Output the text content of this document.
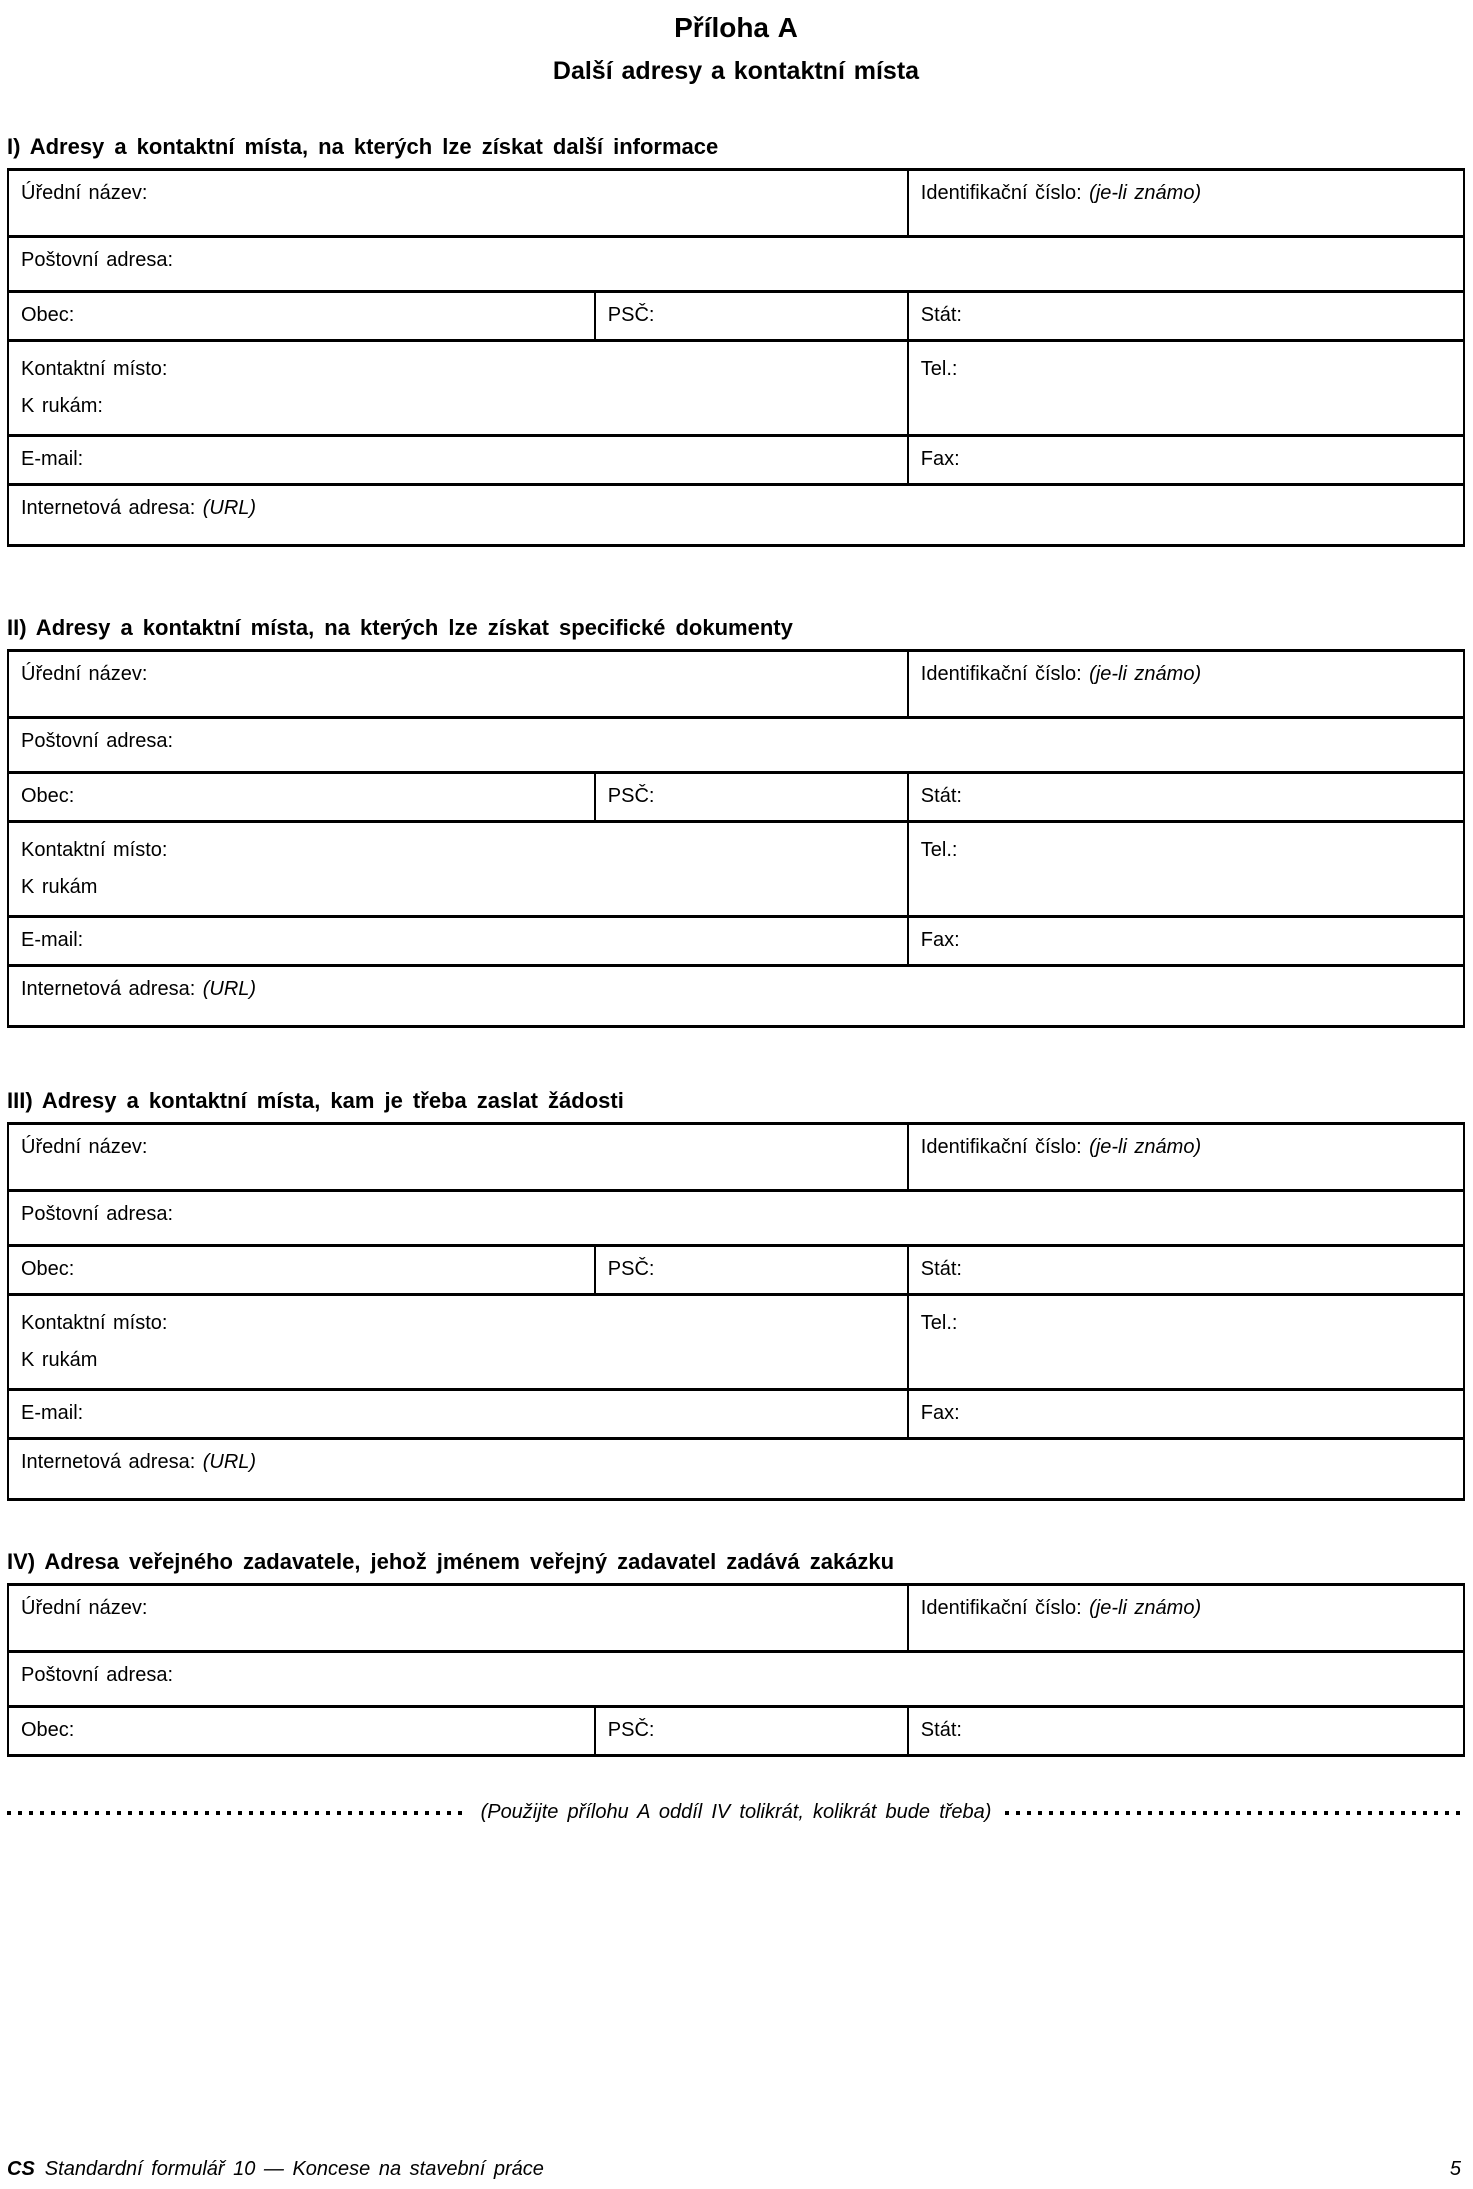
Příloha A
Další adresy a kontaktní místa
I) Adresy a kontaktní místa, na kterých lze získat další informace
Úřední název:		Identifikační číslo: (je-li známo)
Poštovní adresa:		
Obec:	PSČ:	Stát:
Kontaktní místo:
K rukám:		Tel.:
E-mail:		Fax:
Internetová adresa: (URL)		
II) Adresy a kontaktní místa, na kterých lze získat specifické dokumenty
Úřední název:		Identifikační číslo: (je-li známo)
Poštovní adresa:		
Obec:	PSČ:	Stát:
Kontaktní místo:
K rukám		Tel.:
E-mail:		Fax:
Internetová adresa: (URL)		
III) Adresy a kontaktní místa, kam je třeba zaslat žádosti
Úřední název:		Identifikační číslo: (je-li známo)
Poštovní adresa:		
Obec:	PSČ:	Stát:
Kontaktní místo:
K rukám		Tel.:
E-mail:		Fax:
Internetová adresa: (URL)		
IV) Adresa veřejného zadavatele, jehož jménem veřejný zadavatel zadává zakázku
Úřední název:		Identifikační číslo: (je-li známo)
Poštovní adresa:		
Obec:	PSČ:	Stát:
(Použijte přílohu A oddíl IV tolikrát, kolikrát bude třeba)
CS Standardní formulář 10 — Koncese na stavební práce	5
